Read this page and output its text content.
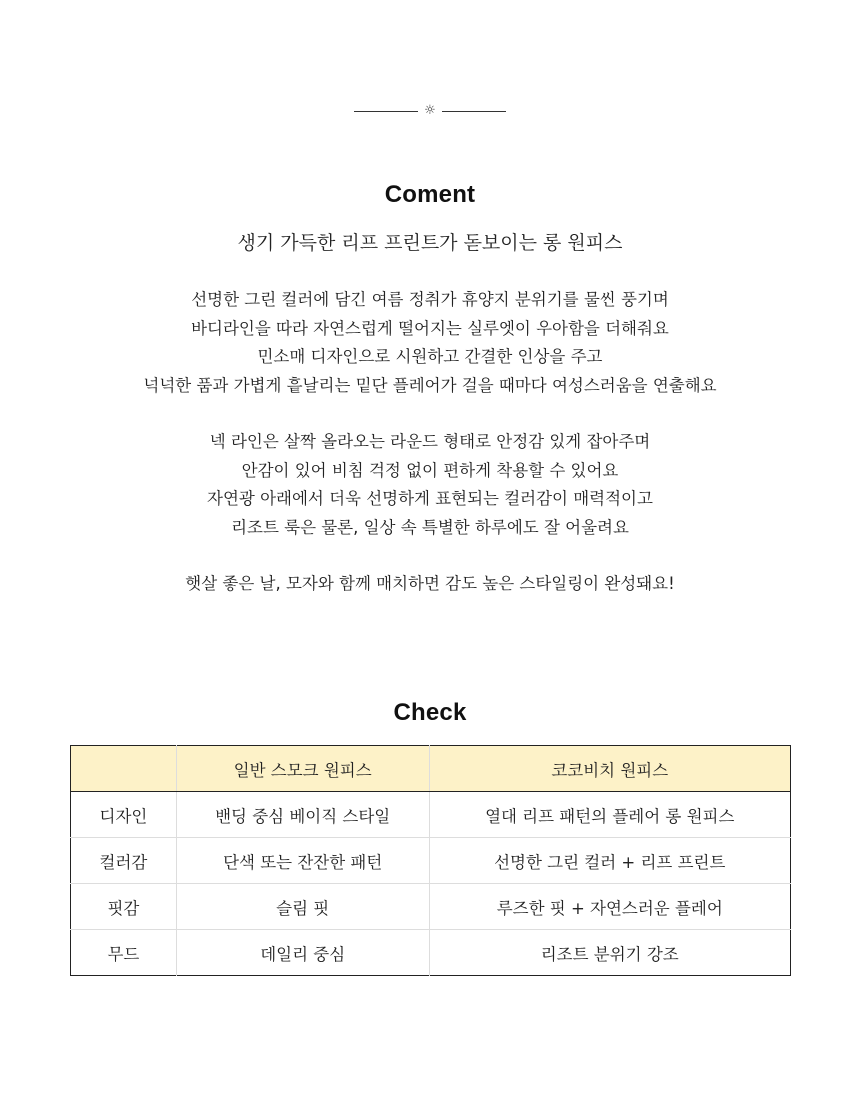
☼
Coment
생기 가득한 리프 프린트가 돋보이는 롱 원피스
선명한 그린 컬러에 담긴 여름 정취가 휴양지 분위기를 물씬 풍기며
바디라인을 따라 자연스럽게 떨어지는 실루엣이 우아함을 더해줘요
민소매 디자인으로 시원하고 간결한 인상을 주고
넉넉한 품과 가볍게 흩날리는 밑단 플레어가 걸을 때마다 여성스러움을 연출해요
넥 라인은 살짝 올라오는 라운드 형태로 안정감 있게 잡아주며
안감이 있어 비침 걱정 없이 편하게 착용할 수 있어요
자연광 아래에서 더욱 선명하게 표현되는 컬러감이 매력적이고
리조트 룩은 물론, 일상 속 특별한 하루에도 잘 어울려요
햇살 좋은 날, 모자와 함께 매치하면 감도 높은 스타일링이 완성돼요!
Check
	일반 스모크 원피스	코코비치 원피스
디자인	밴딩 중심 베이직 스타일	열대 리프 패턴의 플레어 롱 원피스
컬러감	단색 또는 잔잔한 패턴	선명한 그린 컬러 + 리프 프린트
핏감	슬림 핏	루즈한 핏 + 자연스러운 플레어
무드	데일리 중심	리조트 분위기 강조
